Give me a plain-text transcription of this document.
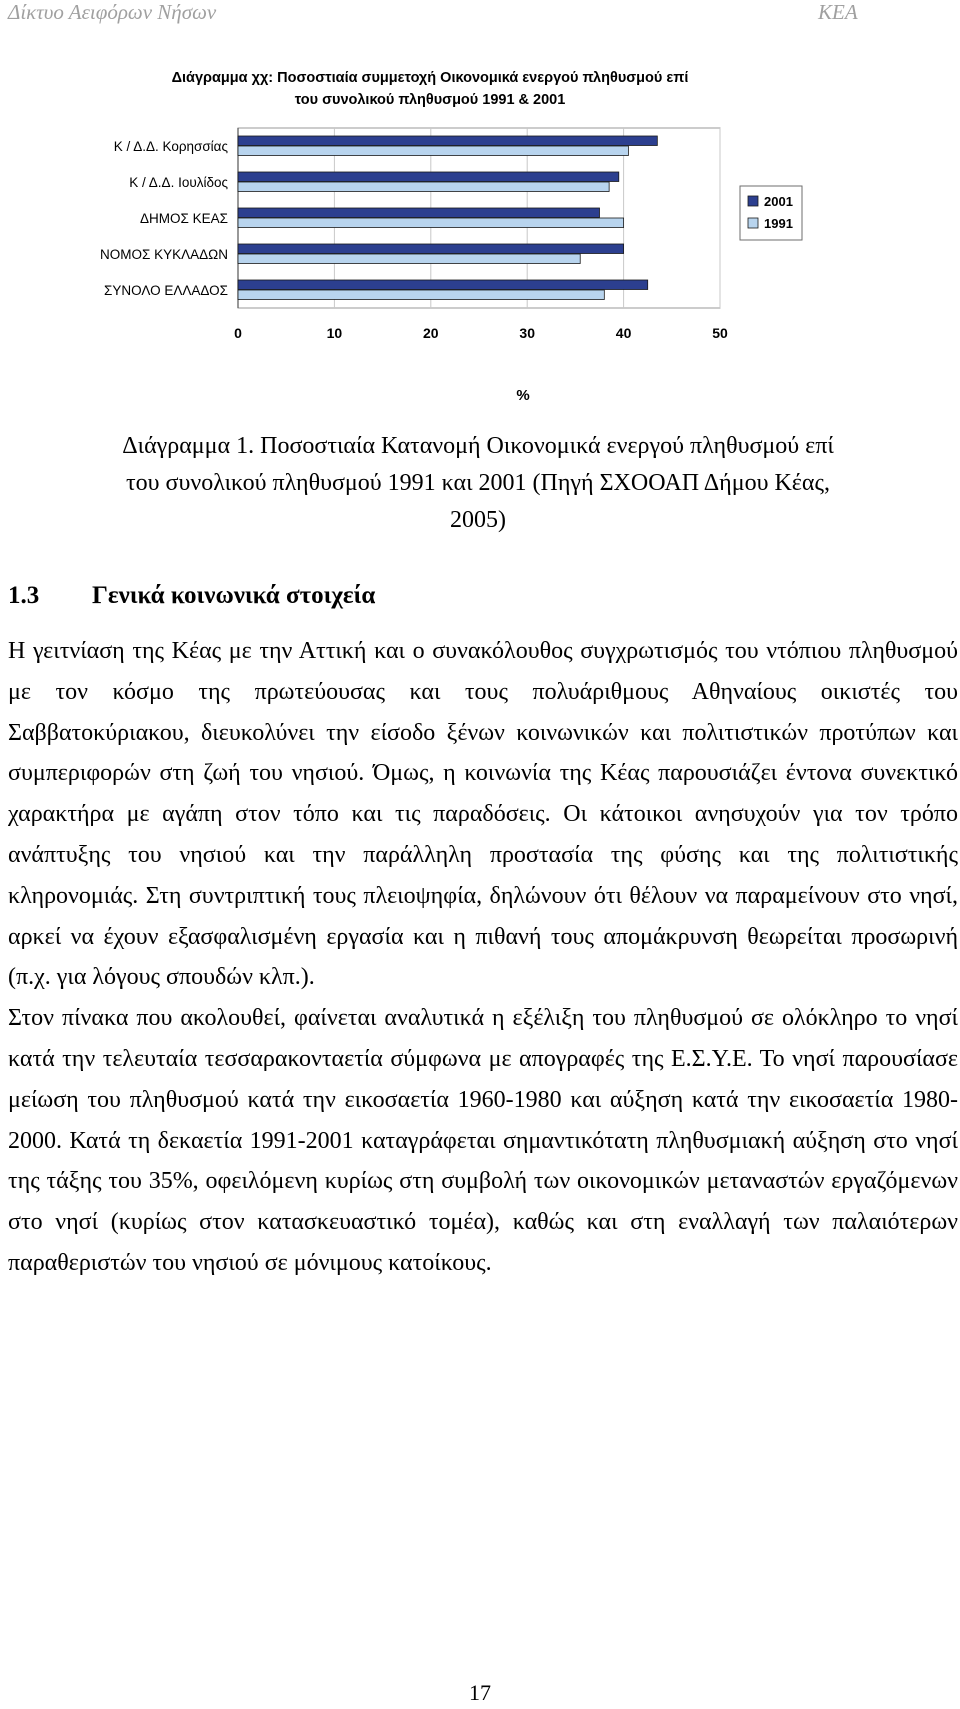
Δίκτυο Αειφόρων Νήσων	ΚΕΑ
Διάγραμμα χχ: Ποσοστιαία συμμετοχή Οικονομικά ενεργού πληθυσμού επί
του συνολικού πληθυσμού 1991 & 2001
0	10	20	30	40	50
Κ / Δ.Δ. Κορησσίας
Κ / Δ.Δ. Ιουλίδος
ΔΗΜΟΣ ΚΕΑΣ
ΝΟΜΟΣ ΚΥΚΛΑΔΩΝ
ΣΥΝΟΛΟ ΕΛΛΑΔΟΣ
2001
1991
%
Διάγραμμα 1. Ποσοστιαία Κατανομή Οικονομικά ενεργού πληθυσμού επί
του συνολικού πληθυσμού 1991 και 2001 (Πηγή ΣΧΟΟΑΠ Δήμου Κέας,
2005)
1.3 Γενικά κοινωνικά στοιχεία

Η γειτνίαση της Κέας με την Αττική και ο συνακόλουθος συγχρωτισμός του ντόπιου πληθυσμού με τον κόσμο της πρωτεύουσας και τους πολυάριθμους Αθηναίους οικιστές του Σαββατοκύριακου, διευκολύνει την είσοδο ξένων κοινωνικών και πολιτιστικών προτύπων και συμπεριφορών στη ζωή του νησιού. Όμως, η κοινωνία της Κέας παρουσιάζει έντονα συνεκτικό χαρακτήρα με αγάπη στον τόπο και τις παραδόσεις. Οι κάτοικοι ανησυχούν για τον τρόπο ανάπτυξης του νησιού και την παράλληλη προστασία της φύσης και της πολιτιστικής κληρονομιάς. Στη συντριπτική τους πλειοψηφία, δηλώνουν ότι θέλουν να παραμείνουν στο νησί, αρκεί να έχουν εξασφαλισμένη εργασία και η πιθανή τους απομάκρυνση θεωρείται προσωρινή (π.χ. για λόγους σπουδών κλπ.).

Στον πίνακα που ακολουθεί, φαίνεται αναλυτικά η εξέλιξη του πληθυσμού σε ολόκληρο το νησί κατά την τελευταία τεσσαρακονταετία σύμφωνα με απογραφές της Ε.Σ.Υ.Ε. Το νησί παρουσίασε μείωση του πληθυσμού κατά την εικοσαετία 1960-1980 και αύξηση κατά την εικοσαετία 1980-2000. Κατά τη δεκαετία 1991-2001 καταγράφεται σημαντικότατη πληθυσμιακή αύξηση στο νησί της τάξης του 35%, οφειλόμενη κυρίως στη συμβολή των οικονομικών μεταναστών εργαζόμενων στο νησί (κυρίως στον κατασκευαστικό τομέα), καθώς και στη εναλλαγή των παλαιότερων παραθεριστών του νησιού σε μόνιμους κατοίκους.

17
